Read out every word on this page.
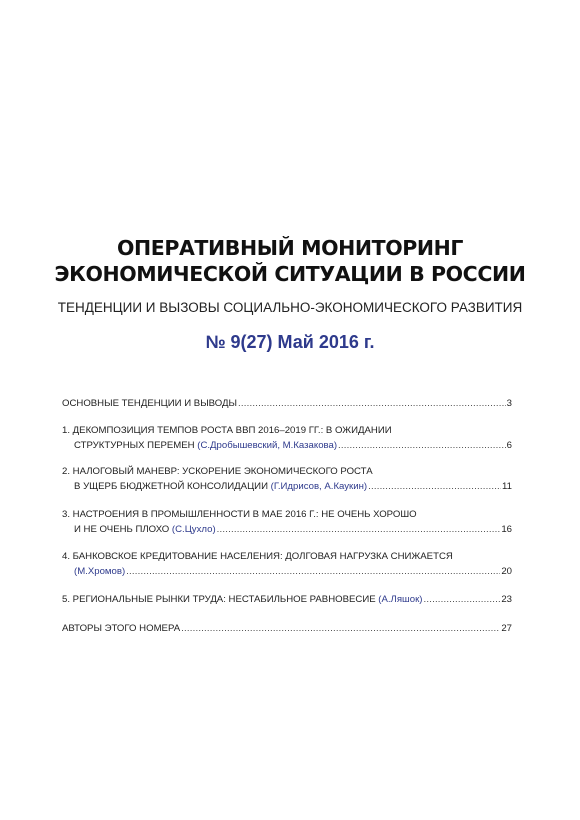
ОПЕРАТИВНЫЙ МОНИТОРИНГ
ЭКОНОМИЧЕСКОЙ СИТУАЦИИ В РОССИИ
ТЕНДЕНЦИИ И ВЫЗОВЫ СОЦИАЛЬНО-ЭКОНОМИЧЕСКОГО РАЗВИТИЯ
№ 9(27) Май 2016 г.
ОСНОВНЫЕ ТЕНДЕНЦИИ И ВЫВОДЫ .....	3
1. ДЕКОМПОЗИЦИЯ ТЕМПОВ РОСТА ВВП 2016–2019 ГГ.: В ОЖИДАНИИ
СТРУКТУРНЫХ ПЕРЕМЕН (С.Дробышевский, М.Казакова) .....	6
2. НАЛОГОВЫЙ МАНЕВР: УСКОРЕНИЕ ЭКОНОМИЧЕСКОГО РОСТА
В УЩЕРБ БЮДЖЕТНОЙ КОНСОЛИДАЦИИ (Г.Идрисов, А.Каукин) .....	11
3. НАСТРОЕНИЯ В ПРОМЫШЛЕННОСТИ В МАЕ 2016 Г.: НЕ ОЧЕНЬ ХОРОШО
И НЕ ОЧЕНЬ ПЛОХО (С.Цухло) .....	16
4. БАНКОВСКОЕ КРЕДИТОВАНИЕ НАСЕЛЕНИЯ: ДОЛГОВАЯ НАГРУЗКА СНИЖАЕТСЯ
(М.Хромов) .....	20
5. РЕГИОНАЛЬНЫЕ РЫНКИ ТРУДА: НЕСТАБИЛЬНОЕ РАВНОВЕСИЕ (А.Ляшок) .....	23
АВТОРЫ ЭТОГО НОМЕРА .....	27
